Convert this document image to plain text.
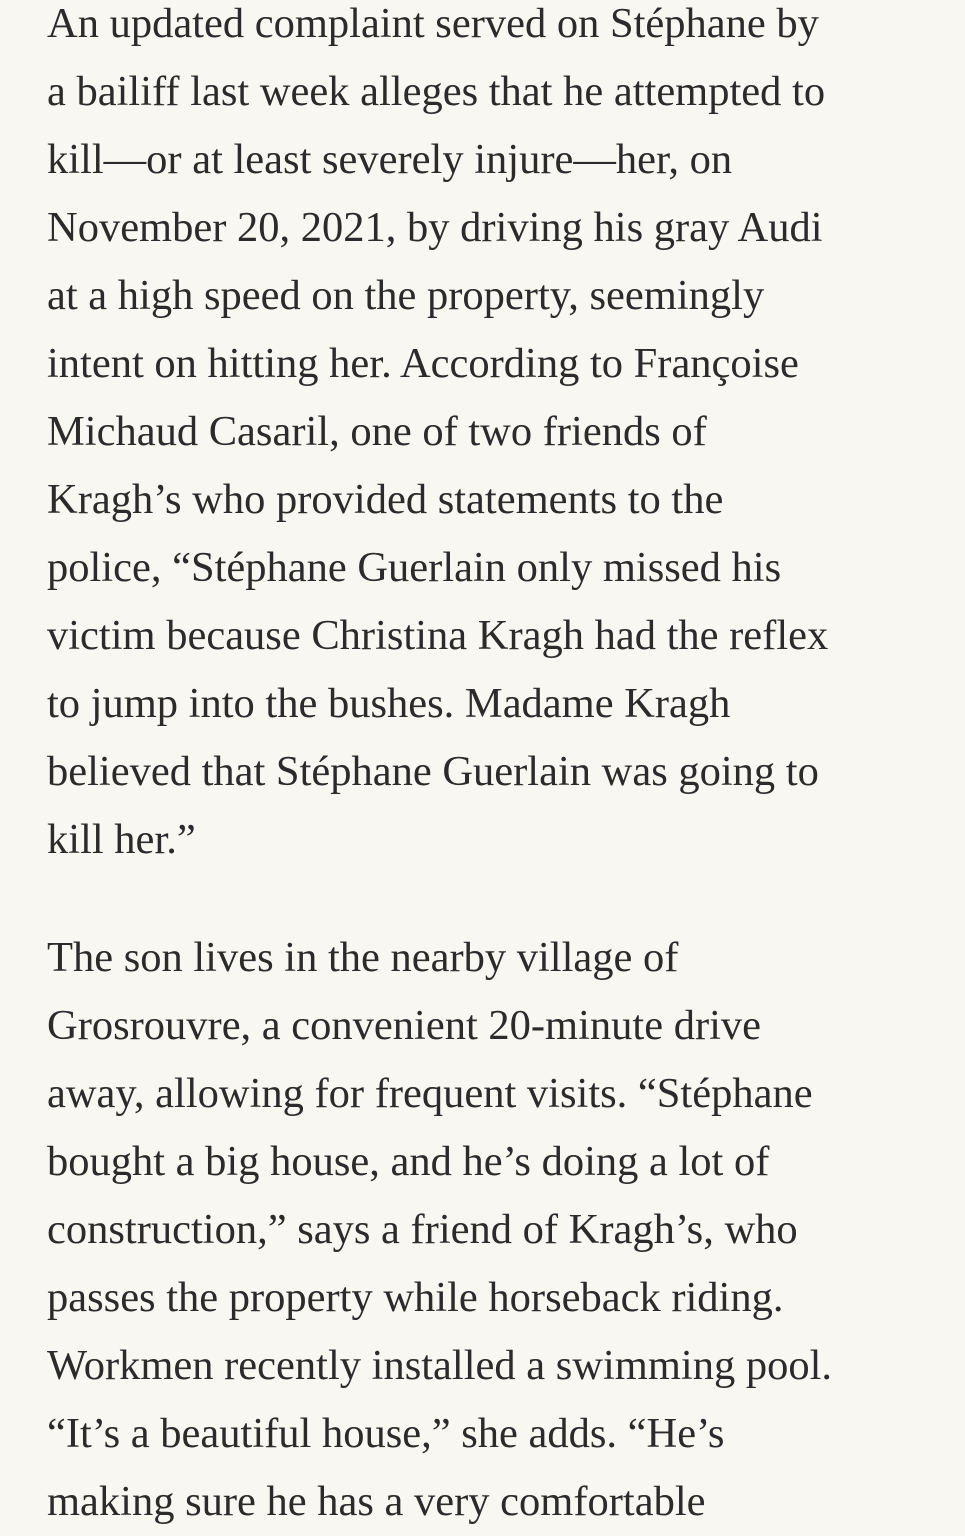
An updated complaint served on Stéphane by
a bailiff last week alleges that he attempted to
kill—or at least severely injure—her, on
November 20, 2021, by driving his gray Audi
at a high speed on the property, seemingly
intent on hitting her. According to Françoise
Michaud Casaril, one of two friends of
Kragh’s who provided statements to the
police, “Stéphane Guerlain only missed his
victim because Christina Kragh had the reflex
to jump into the bushes. Madame Kragh
believed that Stéphane Guerlain was going to
kill her.”

The son lives in the nearby village of
Grosrouvre, a convenient 20-minute drive
away, allowing for frequent visits. “Stéphane
bought a big house, and he’s doing a lot of
construction,” says a friend of Kragh’s, who
passes the property while horseback riding.
Workmen recently installed a swimming pool.
“It’s a beautiful house,” she adds. “He’s
making sure he has a very comfortable
